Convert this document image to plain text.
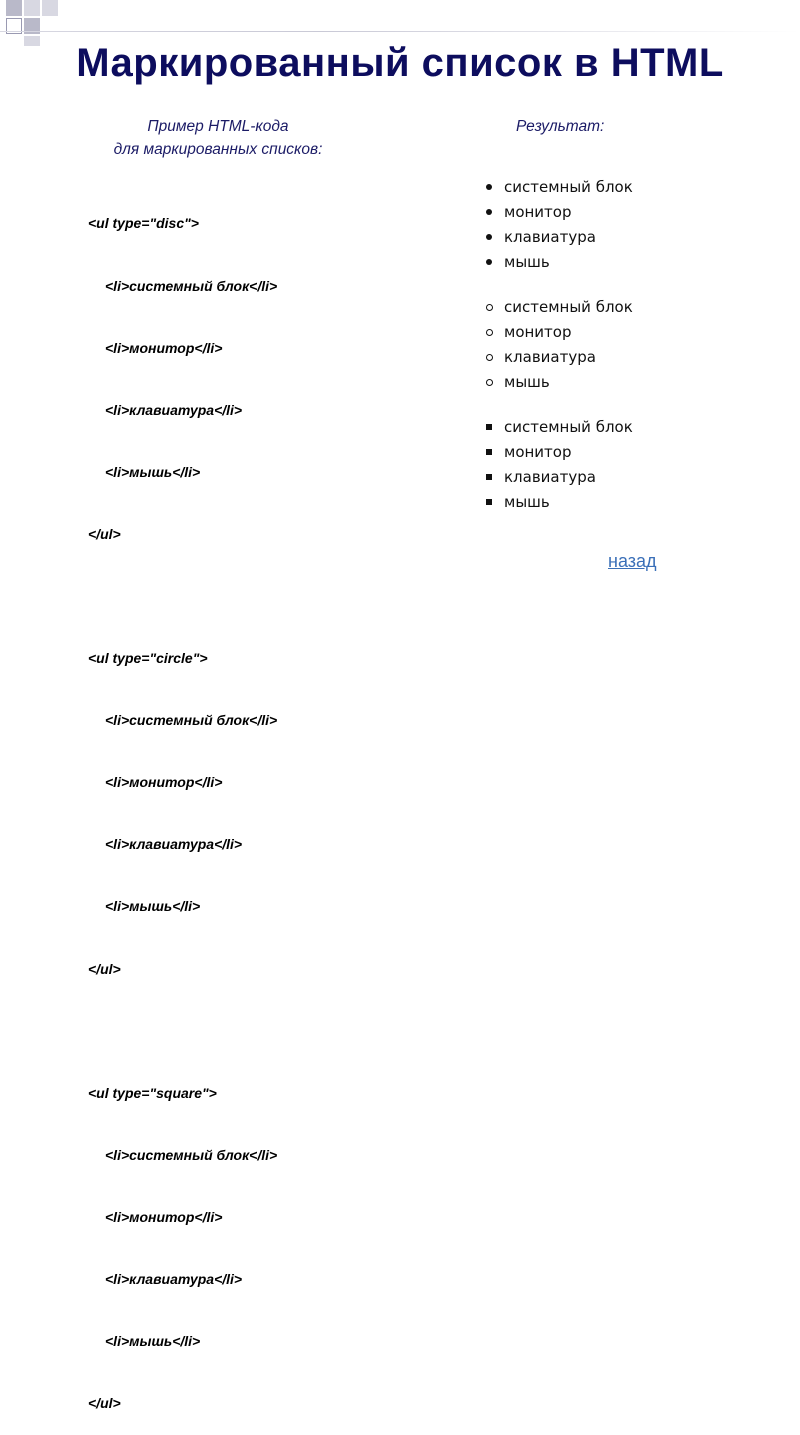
Маркированный список в HTML
Пример HTML-кода
для маркированных списков:
Результат:

<ul type="disc">

<li>системный блок</li>

<li>монитор</li>

<li>клавиатура</li>

<li>мышь</li>

</ul>

<ul type="circle">

<li>системный блок</li>

<li>монитор</li>

<li>клавиатура</li>

<li>мышь</li>

</ul>

<ul type="square">

<li>системный блок</li>

<li>монитор</li>

<li>клавиатура</li>

<li>мышь</li>

</ul>

системный блок
монитор
клавиатура
мышь
системный блок
монитор
клавиатура
мышь
системный блок
монитор
клавиатура
мышь
назад
